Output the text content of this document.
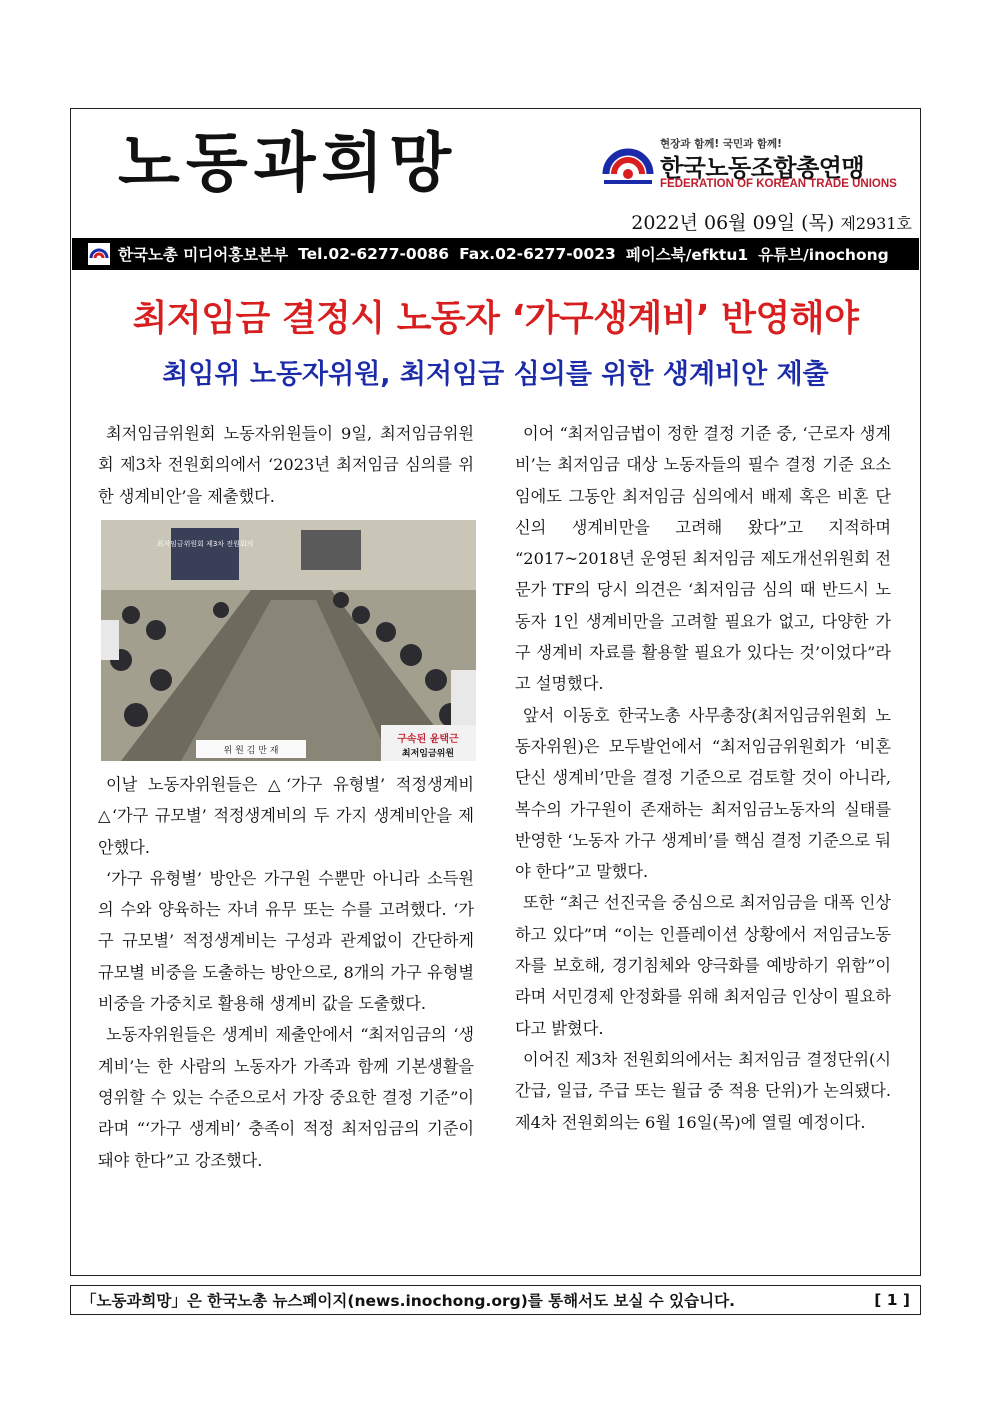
노동과희망	현장과 함께! 국민과 함께!
한국노동조합총연맹
FEDERATION OF KOREAN TRADE UNIONS
2022년 06월 09일 (목) 제2931호
한국노총 미디어홍보본부 Tel.02-6277-0086 Fax.02-6277-0023 페이스북/efktu1 유튜브/inochong
최저임금 결정시 노동자 ‘가구생계비’ 반영해야
최임위 노동자위원, 최저임금 심의를 위한 생계비안 제출

최저임금위원회 노동자위원들이 9일, 최저임금위원회 제3차 전원회의에서 ‘2023년 최저임금 심의를 위한 생계비안’을 제출했다.

최저임금위원회 제3차 전원회의
구속된 윤택근
최저임금위원
위 원 김 만 재

이날 노동자위원들은 △‘가구 유형별’ 적정생계비 △‘가구 규모별’ 적정생계비의 두 가지 생계비안을 제안했다.

‘가구 유형별’ 방안은 가구원 수뿐만 아니라 소득원의 수와 양육하는 자녀 유무 또는 수를 고려했다. ‘가구 규모별’ 적정생계비는 구성과 관계없이 간단하게 규모별 비중을 도출하는 방안으로, 8개의 가구 유형별 비중을 가중치로 활용해 생계비 값을 도출했다.

노동자위원들은 생계비 제출안에서 “최저임금의 ‘생계비’는 한 사람의 노동자가 가족과 함께 기본생활을 영위할 수 있는 수준으로서 가장 중요한 결정 기준”이라며 “‘가구 생계비’ 충족이 적정 최저임금의 기준이 돼야 한다”고 강조했다.

이어 “최저임금법이 정한 결정 기준 중, ‘근로자 생계비’는 최저임금 대상 노동자들의 필수 결정 기준 요소임에도 그동안 최저임금 심의에서 배제 혹은 비혼 단신의 생계비만을 고려해 왔다”고 지적하며 “2017~2018년 운영된 최저임금 제도개선위원회 전문가 TF의 당시 의견은 ‘최저임금 심의 때 반드시 노동자 1인 생계비만을 고려할 필요가 없고, 다양한 가구 생계비 자료를 활용할 필요가 있다는 것’이었다”라고 설명했다.

앞서 이동호 한국노총 사무총장(최저임금위원회 노동자위원)은 모두발언에서 “최저임금위원회가 ‘비혼 단신 생계비’만을 결정 기준으로 검토할 것이 아니라, 복수의 가구원이 존재하는 최저임금노동자의 실태를 반영한 ‘노동자 가구 생계비’를 핵심 결정 기준으로 둬야 한다”고 말했다.

또한 “최근 선진국을 중심으로 최저임금을 대폭 인상하고 있다”며 “이는 인플레이션 상황에서 저임금노동자를 보호해, 경기침체와 양극화를 예방하기 위함”이라며 서민경제 안정화를 위해 최저임금 인상이 필요하다고 밝혔다.

이어진 제3차 전원회의에서는 최저임금 결정단위(시간급, 일급, 주급 또는 월급 중 적용 단위)가 논의됐다. 제4차 전원회의는 6월 16일(목)에 열릴 예정이다.

「노동과희망」은 한국노총 뉴스페이지(news.inochong.org)를 통해서도 보실 수 있습니다.	[ 1 ]
